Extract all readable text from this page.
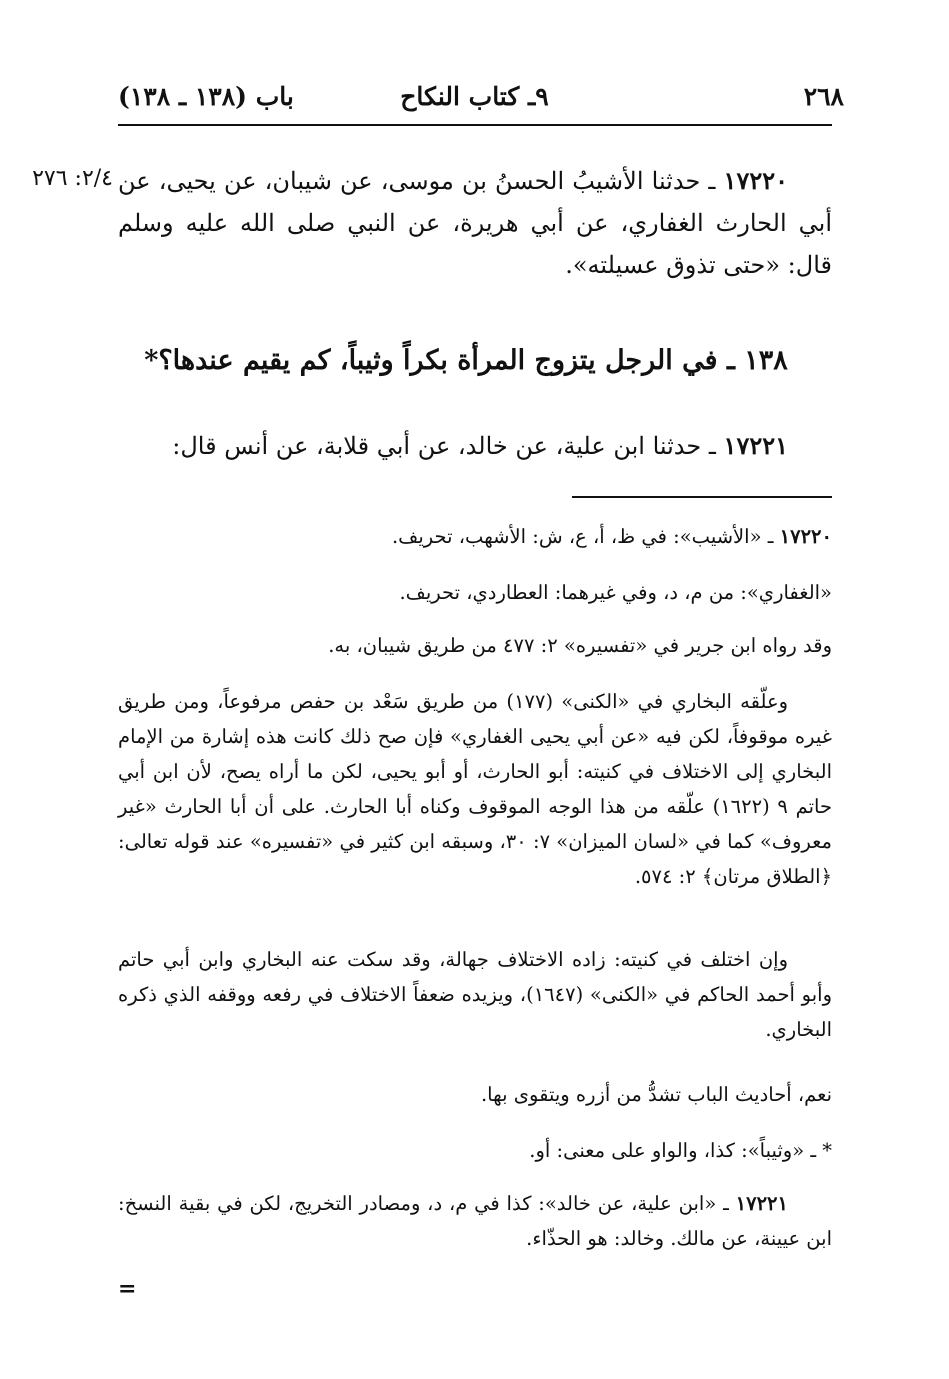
٢٦٨
٩ـ كتاب النكاح
باب (١٣٨ ـ ١٣٨)
٢/٤: ٢٧٦	١٧٢٢٠ ـ حدثنا الأشيبُ الحسنُ بن موسى، عن شيبان، عن يحيى، عن أبي الحارث الغفاري، عن أبي هريرة، عن النبي صلى الله عليه وسلم قال: «حتى تذوق عسيلته».
١٣٨ ـ في الرجل يتزوج المرأة بكراً وثيباً، كم يقيم عندها؟*
١٧٢٢١ ـ حدثنا ابن علية، عن خالد، عن أبي قلابة، عن أنس قال:
١٧٢٢٠ ـ «الأشيب»: في ظ، أ، ع، ش: الأشهب، تحريف.
«الغفاري»: من م، د، وفي غيرهما: العطاردي، تحريف.
وقد رواه ابن جرير في «تفسيره» ٢: ٤٧٧ من طريق شيبان، به.
وعلّقه البخاري في «الكنى» (١٧٧) من طريق سَعْد بن حفص مرفوعاً، ومن طريق غيره موقوفاً، لكن فيه «عن أبي يحيى الغفاري» فإن صح ذلك كانت هذه إشارة من الإمام البخاري إلى الاختلاف في كنيته: أبو الحارث، أو أبو يحيى، لكن ما أراه يصح، لأن ابن أبي حاتم ٩ (١٦٢٢) علّقه من هذا الوجه الموقوف وكناه أبا الحارث. على أن أبا الحارث «غير معروف» كما في «لسان الميزان» ٧: ٣٠، وسبقه ابن كثير في «تفسيره» عند قوله تعالى: ﴿الطلاق مرتان﴾ ٢: ٥٧٤.
وإن اختلف في كنيته: زاده الاختلاف جهالة، وقد سكت عنه البخاري وابن أبي حاتم وأبو أحمد الحاكم في «الكنى» (١٦٤٧)، ويزيده ضعفاً الاختلاف في رفعه ووقفه الذي ذكره البخاري.
نعم، أحاديث الباب تشدُّ من أزره ويتقوى بها.
* ـ «وثيباً»: كذا، والواو على معنى: أو.
١٧٢٢١ ـ «ابن علية، عن خالد»: كذا في م، د، ومصادر التخريج، لكن في بقية النسخ: ابن عيينة، عن مالك. وخالد: هو الحذّاء.
=
